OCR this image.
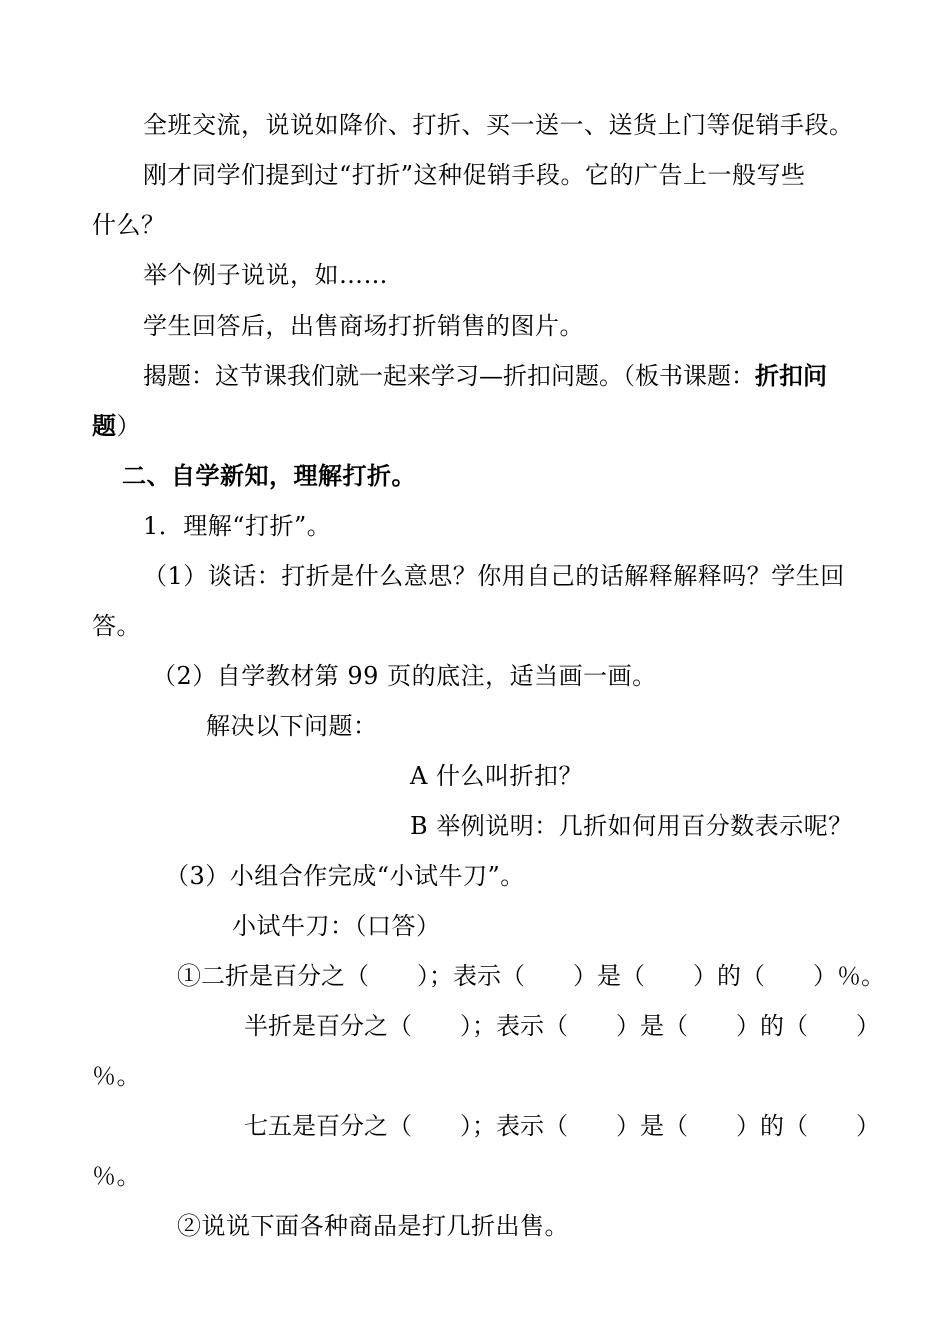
全班交流，说说如降价、打折、买一送一、送货上门等促销手段。
刚才同学们提到过“打折”这种促销手段。它的广告上一般写些
什么？
举个例子说说，如……
学生回答后，出售商场打折销售的图片。
揭题：这节课我们就一起来学习—折扣问题。（板书课题：折扣问
题）
二、自学新知，理解打折。
1．理解“打折”。
（1）谈话：打折是什么意思？你用自己的话解释解释吗？学生回
答。
（2）自学教材第 99 页的底注，适当画一画。
解决以下问题：
A 什么叫折扣？
B 举例说明：几折如何用百分数表示呢？
（3）小组合作完成“小试牛刀”。
小试牛刀：（口答）
①二折是百分之（　　）；表示（　　）是（　　）的（　　）％。
半折是百分之（　　）；表示（　　）是（　　）的（　　）
％。
七五是百分之（　　）；表示（　　）是（　　）的（　　）
％。
②说说下面各种商品是打几折出售。
